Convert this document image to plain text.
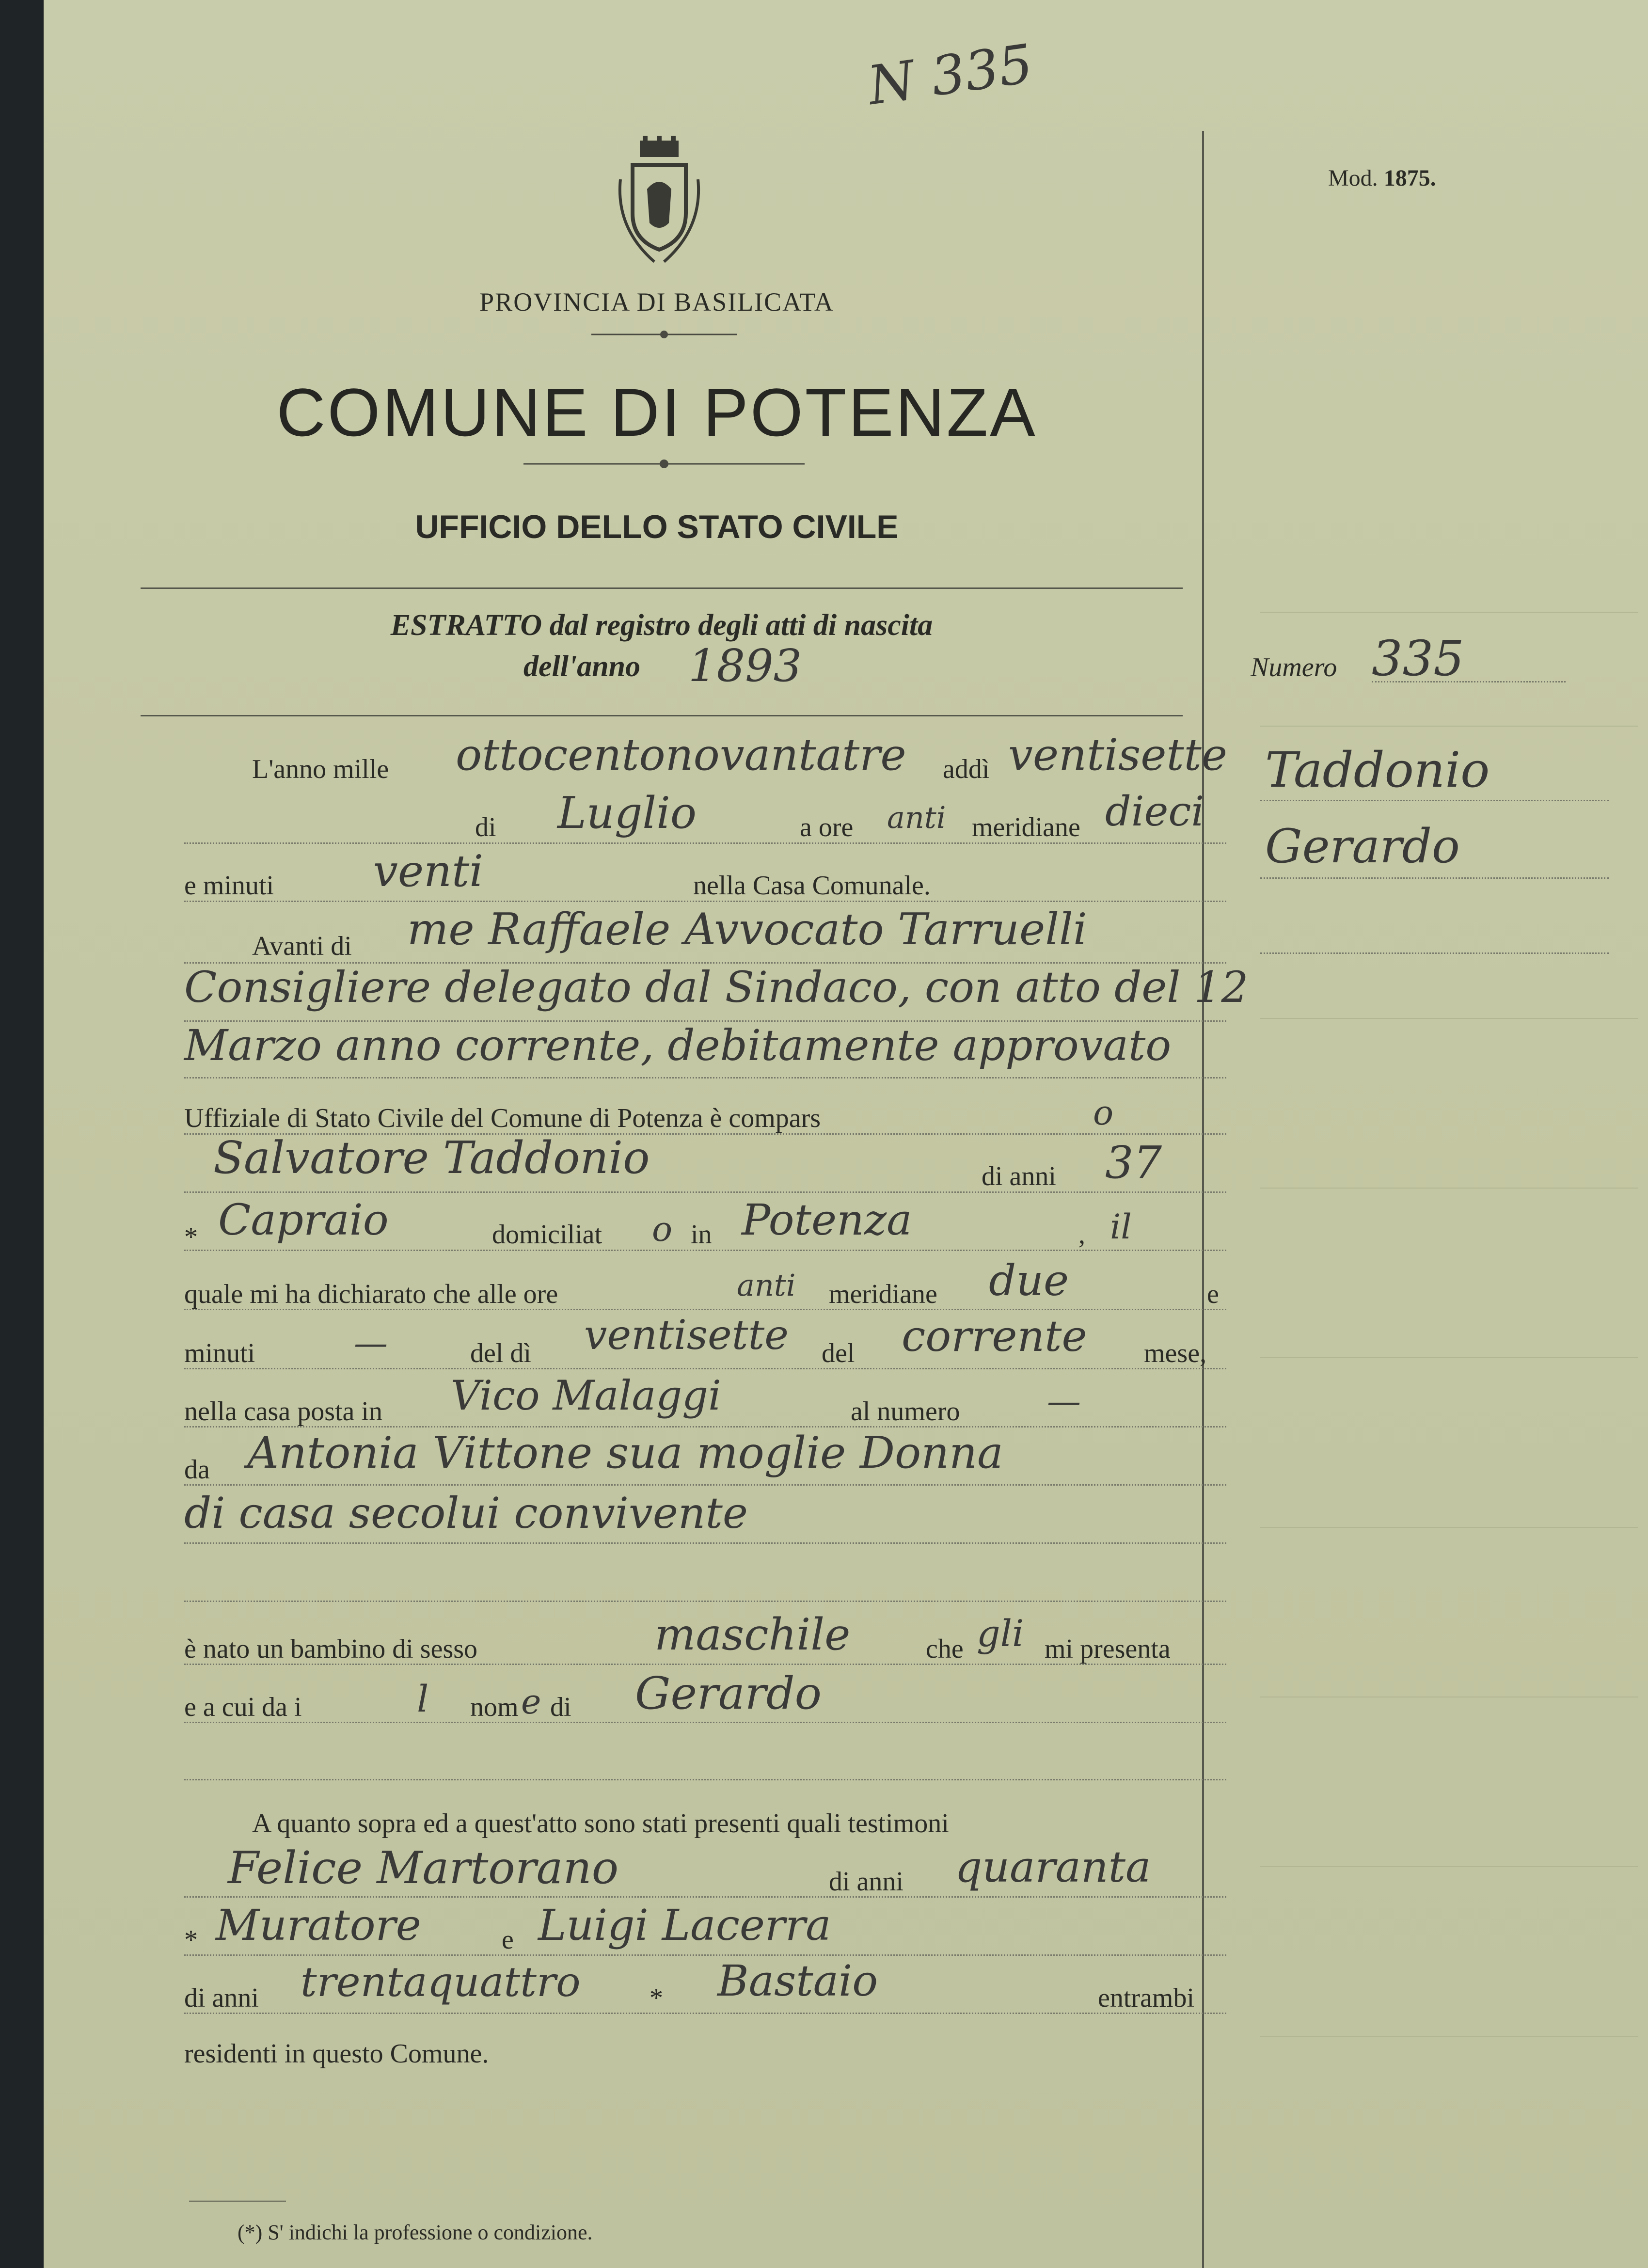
N 335
Mod. 1875.
PROVINCIA DI BASILICATA
COMUNE DI POTENZA
UFFICIO DELLO STATO CIVILE
ESTRATTO dal registro degli atti di nascita
dell'anno 1893	Numero 335
Taddonio
Gerardo
L'anno mille ottocentonovantatre addì ventisette
di Luglio	a ore anti meridiane dieci
e minuti venti	nella Casa Comunale.
Avanti di me Raffaele Avvocato Tarruelli
Consigliere delegato dal Sindaco, con atto del 12
Marzo anno corrente, debitamente approvato
Uffiziale di Stato Civile del Comune di Potenza è compars	o
Salvatore Taddonio	di anni 37
* Capraio	domiciliat o in Potenza	, il
quale mi ha dichiarato che alle ore	anti meridiane due	e
minuti	—	del dì ventisette del corrente mese,
nella casa posta in Vico Malaggi	al numero	—
da Antonia Vittone sua moglie Donna
di casa secolui convivente
è nato un bambino di sesso	maschile	che gli mi presenta
e a cui da i	l nom e di Gerardo
A quanto sopra ed a quest'atto sono stati presenti quali testimoni
Felice Martorano	di anni quaranta
* Muratore	e Luigi Lacerra
di anni trentaquattro	* Bastaio	entrambi
residenti in questo Comune.
(*) S' indichi la professione o condizione.
